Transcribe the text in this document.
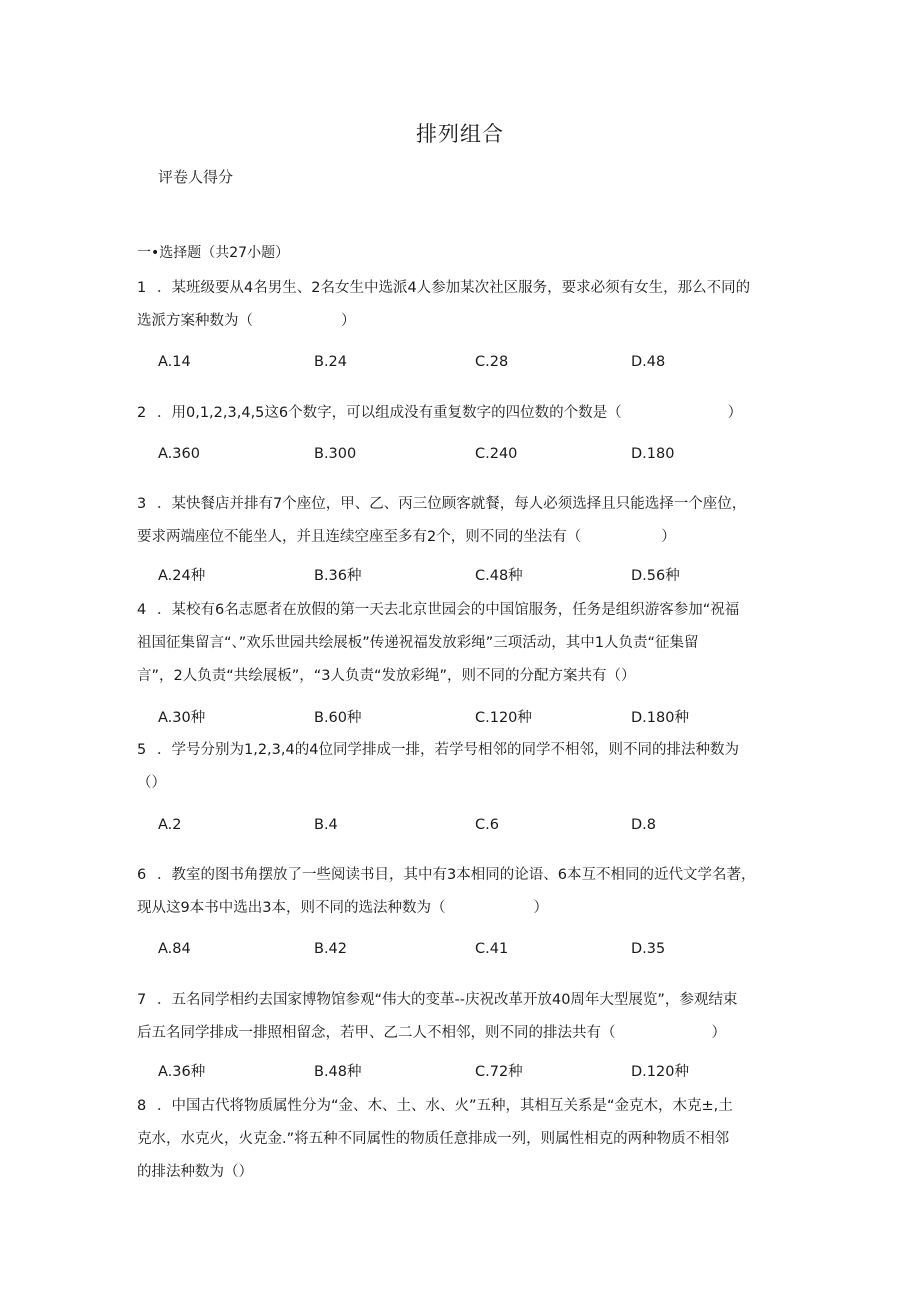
排列组合
评卷人得分
一•选择题（共27小题）
1 ．某班级要从4名男生、2名女生中选派4人参加某次社区服务，要求必须有女生，那么不同的
选派方案种数为（	）
A.14	B.24	C.28	D.48
2 ．用0,1,2,3,4,5这6个数字，可以组成没有重复数字的四位数的个数是（	）
A.360	B.300	C.240	D.180
3 ．某快餐店并排有7个座位，甲、乙、丙三位顾客就餐，每人必须选择且只能选择一个座位，
要求两端座位不能坐人，并且连续空座至多有2个，则不同的坐法有（	）
A.24种	B.36种	C.48种	D.56种
4 ．某校有6名志愿者在放假的第一天去北京世园会的中国馆服务，任务是组织游客参加“祝福
祖国征集留言“、”欢乐世园共绘展板”传递祝福发放彩绳”三项活动，其中1人负责“征集留
言”，2人负责“共绘展板”，“3人负责“发放彩绳”，则不同的分配方案共有（）
A.30种	B.60种	C.120种	D.180种
5 ．学号分别为1,2,3,4的4位同学排成一排，若学号相邻的同学不相邻，则不同的排法种数为
（）
A.2	B.4	C.6	D.8
6 ．教室的图书角摆放了一些阅读书目，其中有3本相同的论语、6本互不相同的近代文学名著，
现从这9本书中选出3本，则不同的选法种数为（	）
A.84	B.42	C.41	D.35
7 ．五名同学相约去国家博物馆参观“伟大的变革--庆祝改革开放40周年大型展览”，参观结束
后五名同学排成一排照相留念，若甲、乙二人不相邻，则不同的排法共有（	）
A.36种	B.48种	C.72种	D.120种
8 ．中国古代将物质属性分为“金、木、土、水、火”五种，其相互关系是“金克木，木克±,土
克水，水克火，火克金.”将五种不同属性的物质任意排成一列，则属性相克的两种物质不相邻
的排法种数为（）
